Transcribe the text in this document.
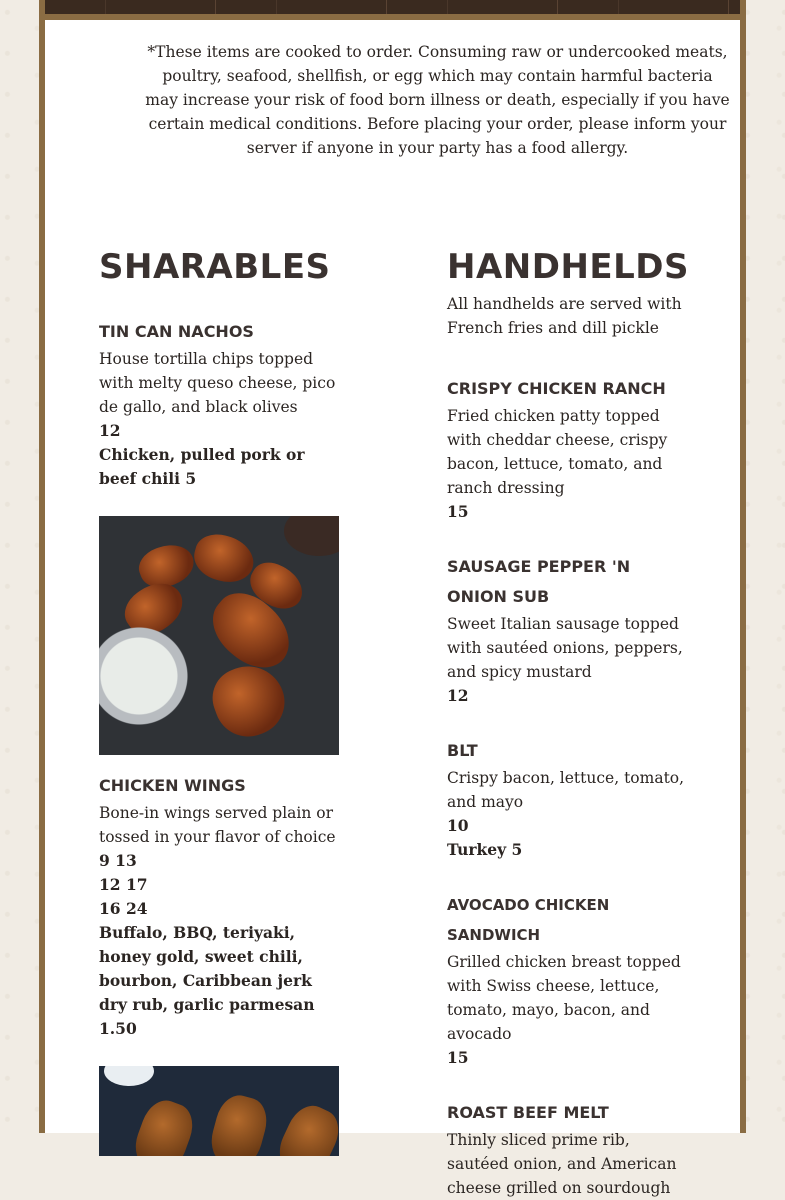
*These items are cooked to order. Consuming raw or undercooked meats, poultry, seafood, shellfish, or egg which may contain harmful bacteria may increase your risk of food born illness or death, especially if you have certain medical conditions. Before placing your order, please inform your server if anyone in your party has a food allergy.

SHARABLES
TIN CAN NACHOS

House tortilla chips topped with melty queso cheese, pico de gallo, and black olives

12

Chicken, pulled pork or beef chili 5

CHICKEN WINGS

Bone-in wings served plain or tossed in your flavor of choice

9 13

12 17

16 24

Buffalo, BBQ, teriyaki, honey gold, sweet chili, bourbon, Caribbean jerk dry rub, garlic parmesan 1.50

HANDHELDS

All handhelds are served with French fries and dill pickle

CRISPY CHICKEN RANCH

Fried chicken patty topped with cheddar cheese, crispy bacon, lettuce, tomato, and ranch dressing

15

SAUSAGE PEPPER 'N ONION SUB

Sweet Italian sausage topped with sautéed onions, peppers, and spicy mustard

12

BLT

Crispy bacon, lettuce, tomato, and mayo

10

Turkey 5

AVOCADO CHICKEN SANDWICH

Grilled chicken breast topped with Swiss cheese, lettuce, tomato, mayo, bacon, and avocado

15

ROAST BEEF MELT

Thinly sliced prime rib, sautéed onion, and American cheese grilled on sourdough
